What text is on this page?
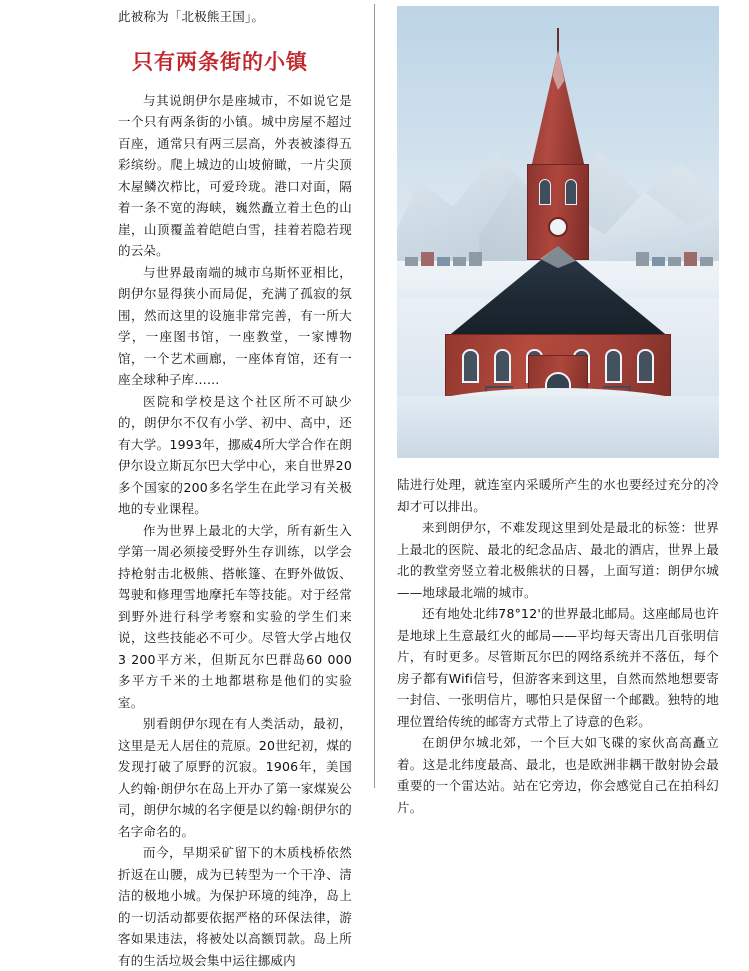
此被称为「北极熊王国」。

只有两条街的小镇

与其说朗伊尔是座城市，不如说它是一个只有两条街的小镇。城中房屋不超过百座，通常只有两三层高，外表被漆得五彩缤纷。爬上城边的山坡俯瞰，一片尖顶木屋鳞次栉比，可爱玲珑。港口对面，隔着一条不宽的海峡，巍然矗立着土色的山崖，山顶覆盖着皑皑白雪，挂着若隐若现的云朵。

与世界最南端的城市乌斯怀亚相比，朗伊尔显得狭小而局促，充满了孤寂的氛围，然而这里的设施非常完善，有一所大学，一座图书馆，一座教堂，一家博物馆，一个艺术画廊，一座体育馆，还有一座全球种子库……

医院和学校是这个社区所不可缺少的，朗伊尔不仅有小学、初中、高中，还有大学。1993年，挪威4所大学合作在朗伊尔设立斯瓦尔巴大学中心，来自世界20多个国家的200多名学生在此学习有关极地的专业课程。

作为世界上最北的大学，所有新生入学第一周必须接受野外生存训练，以学会持枪射击北极熊、搭帐篷、在野外做饭、驾驶和修理雪地摩托车等技能。对于经常到野外进行科学考察和实验的学生们来说，这些技能必不可少。尽管大学占地仅3 200平方米，但斯瓦尔巴群岛60 000多平方千米的土地都堪称是他们的实验室。

别看朗伊尔现在有人类活动，最初，这里是无人居住的荒原。20世纪初，煤的发现打破了原野的沉寂。1906年，美国人约翰·朗伊尔在岛上开办了第一家煤炭公司，朗伊尔城的名字便是以约翰·朗伊尔的名字命名的。

而今，早期采矿留下的木质栈桥依然折返在山腰，成为已转型为一个干净、清洁的极地小城。为保护环境的纯净，岛上的一切活动都要依据严格的环保法律，游客如果违法，将被处以高额罚款。岛上所有的生活垃圾会集中运往挪威内

陆进行处理，就连室内采暖所产生的水也要经过充分的冷却才可以排出。

来到朗伊尔，不难发现这里到处是最北的标签：世界上最北的医院、最北的纪念品店、最北的酒店，世界上最北的教堂旁竖立着北极熊状的日晷，上面写道：朗伊尔城——地球最北端的城市。

还有地处北纬78°12'的世界最北邮局。这座邮局也许是地球上生意最红火的邮局——平均每天寄出几百张明信片，有时更多。尽管斯瓦尔巴的网络系统并不落伍，每个房子都有Wifi信号，但游客来到这里，自然而然地想要寄一封信、一张明信片，哪怕只是保留一个邮戳。独特的地理位置给传统的邮寄方式带上了诗意的色彩。

在朗伊尔城北郊，一个巨大如飞碟的家伙高高矗立着。这是北纬度最高、最北，也是欧洲非耦干散射协会最重要的一个雷达站。站在它旁边，你会感觉自己在拍科幻片。
